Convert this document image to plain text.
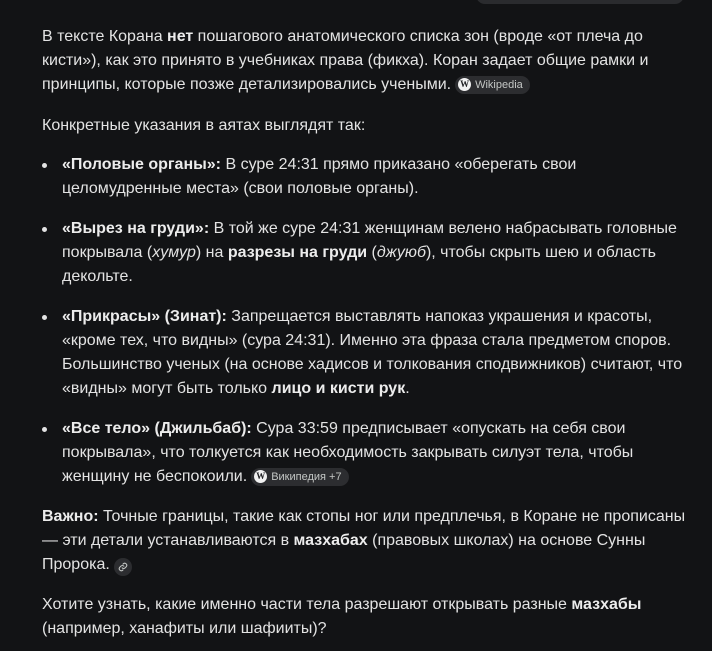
В тексте Корана нет пошагового анатомического списка зон (вроде «от плеча до кисти»), как это принято в учебниках права (фикха). Коран задает общие рамки и принципы, которые позже детализировались учеными. W Wikipedia

Конкретные указания в аятах выглядят так:

«Половые органы»: В суре 24:31 прямо приказано «оберегать свои целомудренные места» (свои половые органы).
«Вырез на груди»: В той же суре 24:31 женщинам велено набрасывать головные покрывала (хумур) на разрезы на груди (джуюб), чтобы скрыть шею и область декольте.
«Прикрасы» (Зинат): Запрещается выставлять напоказ украшения и красоты, «кроме тех, что видны» (сура 24:31). Именно эта фраза стала предметом споров. Большинство ученых (на основе хадисов и толкования сподвижников) считают, что «видны» могут быть только лицо и кисти рук.
«Все тело» (Джильбаб): Сура 33:59 предписывает «опускать на себя свои покрывала», что толкуется как необходимость закрывать силуэт тела, чтобы женщину не беспокоили. W Википедия +7

Важно: Точные границы, такие как стопы ног или предплечья, в Коране не прописаны — эти детали устанавливаются в мазхабах (правовых школах) на основе Сунны Пророка.

Хотите узнать, какие именно части тела разрешают открывать разные мазхабы (например, ханафиты или шафииты)?
